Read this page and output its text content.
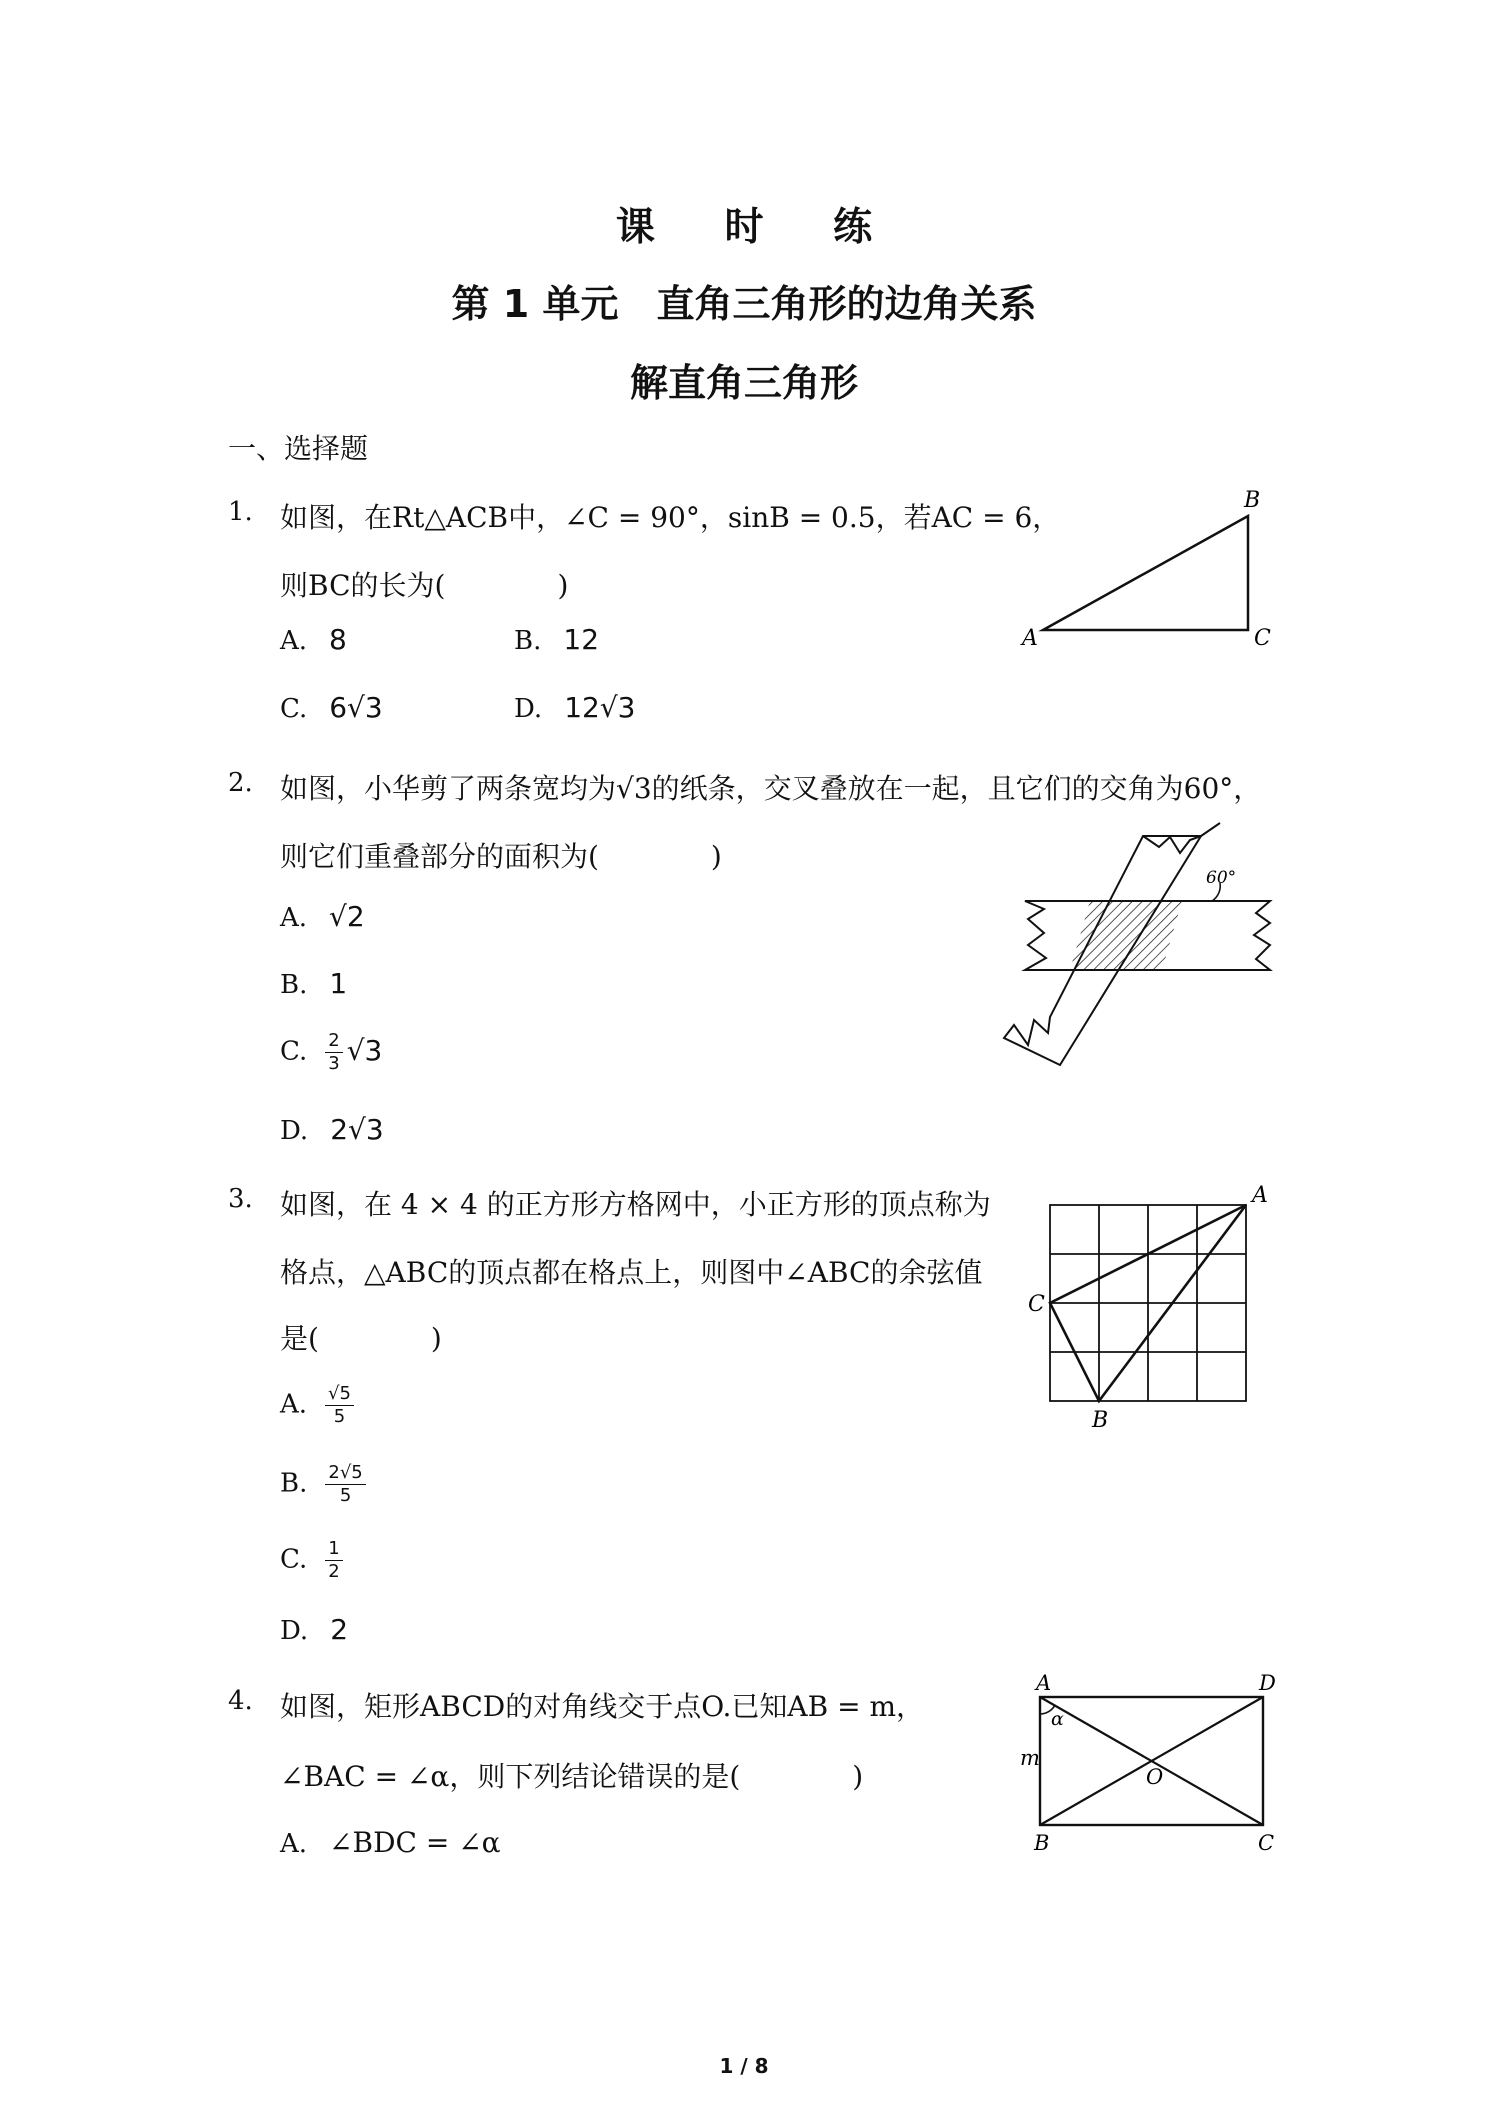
课 时 练
第 1 单元　直角三角形的边角关系
解直角三角形
一、选择题
1. 如图，在Rt△ACB中，∠C = 90°，sinB = 0.5，若AC = 6，
则BC的长为(　　　　)
A. 8	B. 12
C. 6√3	D. 12√3
A
B
C
2. 如图，小华剪了两条宽均为√3的纸条，交叉叠放在一起，且它们的交角为60°，
则它们重叠部分的面积为(　　　　)
A. √2
B. 1
C. $\frac{2}{3} √3$
D. 2√3
60°
3. 如图，在 4 × 4 的正方形方格网中，小正方形的顶点称为
格点，△ABC的顶点都在格点上，则图中∠ABC的余弦值
是(　　　　)
A. $\frac{√5}{5}$
B. $\frac{2√5}{5}$
C. $\frac{1}{2}$
D. 2
A
B
C
4. 如图，矩形ABCD的对角线交于点O.已知AB = m，
∠BAC = ∠α，则下列结论错误的是(　　　　)
A. ∠BDC = ∠α
A
B	C
D
O
m
α
1 / 8
